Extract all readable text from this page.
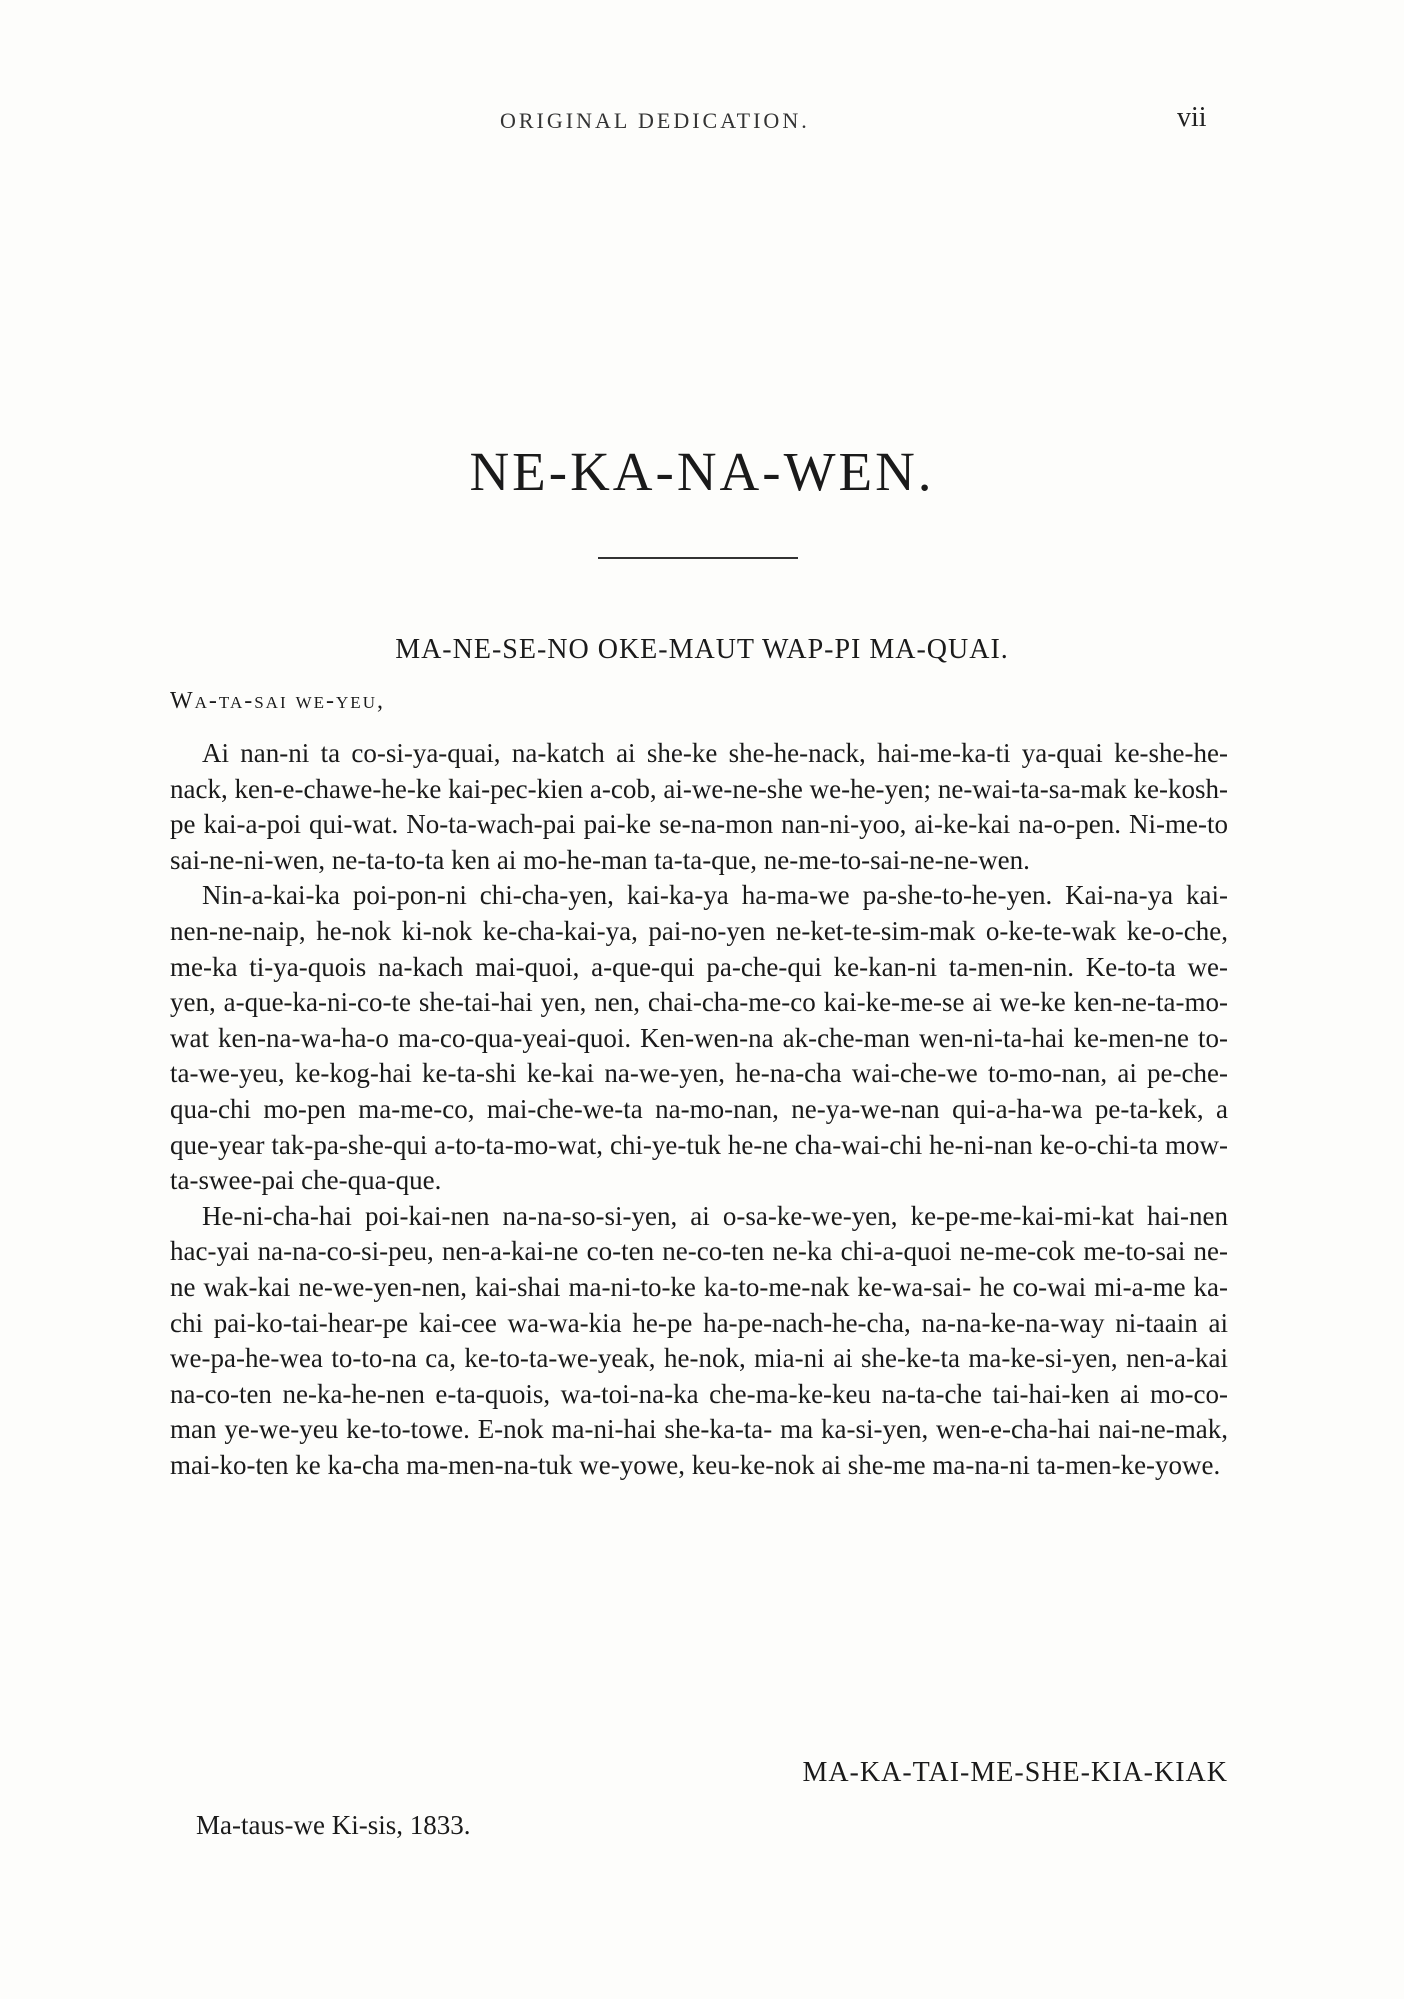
ORIGINAL DEDICATION.	vii
NE-KA-NA-WEN.
MA-NE-SE-NO OKE-MAUT WAP-PI MA-QUAI.
Wa-ta-sai we-yeu,

Ai nan-ni ta co-si-ya-quai, na-katch ai she-ke she-he-nack, hai-me-ka-ti ya-quai ke-she-he-nack, ken-e-chawe-he-ke kai-pec-kien a-cob, ai-we-ne-she we-he-yen; ne-wai-ta-sa-mak ke-kosh-pe kai-a-poi qui-wat. No-ta-wach-pai pai-ke se-na-mon nan-ni-yoo, ai-ke-kai na-o-pen. Ni-me-to sai-ne-ni-wen, ne-ta-to-ta ken ai mo-he-man ta-ta-que, ne-me-to-sai-ne-ne-wen.

Nin-a-kai-ka poi-pon-ni chi-cha-yen, kai-ka-ya ha-ma-we pa-she-to-he-yen. Kai-na-ya kai-nen-ne-naip, he-nok ki-nok ke-cha-kai-ya, pai-no-yen ne-ket-te-sim-mak o-ke-te-wak ke-o-che, me-ka ti-ya-quois na-kach mai-quoi, a-que-qui pa-che-qui ke-kan-ni ta-men-nin. Ke-to-ta we-yen, a-que-ka-ni-co-te she-tai-hai yen, nen, chai-cha-me-co kai-ke-me-se ai we-ke ken-ne-ta-mo-wat ken-na-wa-ha-o ma-co-qua-yeai-quoi. Ken-wen-na ak-che-man wen-ni-ta-hai ke-men-ne to-ta-we-yeu, ke-kog-hai ke-ta-shi ke-kai na-we-yen, he-na-cha wai-che-we to-mo-nan, ai pe-che-qua-chi mo-pen ma-me-co, mai-che-we-ta na-mo-nan, ne-ya-we-nan qui-a-ha-wa pe-ta-kek, a que-year tak-pa-she-qui a-to-ta-mo-wat, chi-ye-tuk he-ne cha-wai-chi he-ni-nan ke-o-chi-ta mow-ta-swee-pai che-qua-que.

He-ni-cha-hai poi-kai-nen na-na-so-si-yen, ai o-sa-ke-we-yen, ke-pe-me-kai-mi-kat hai-nen hac-yai na-na-co-si-peu, nen-a-kai-ne co-ten ne-co-ten ne-ka chi-a-quoi ne-me-cok me-to-sai ne-ne wak-kai ne-we-yen-nen, kai-shai ma-ni-to-ke ka-to-me-nak ke-wa-sai- he co-wai mi-a-me ka-chi pai-ko-tai-hear-pe kai-cee wa-wa-kia he-pe ha-pe-nach-he-cha, na-na-ke-na-way ni-taain ai we-pa-he-wea to-to-na ca, ke-to-ta-we-yeak, he-nok, mia-ni ai she-ke-ta ma-ke-si-yen, nen-a-kai na-co-ten ne-ka-he-nen e-ta-quois, wa-toi-na-ka che-ma-ke-keu na-ta-che tai-hai-ken ai mo-co-man ye-we-yeu ke-to-towe. E-nok ma-ni-hai she-ka-ta- ma ka-si-yen, wen-e-cha-hai nai-ne-mak, mai-ko-ten ke ka-cha ma-men-na-tuk we-yowe, keu-ke-nok ai she-me ma-na-ni ta-men-ke-yowe.

MA-KA-TAI-ME-SHE-KIA-KIAK
Ma-taus-we Ki-sis, 1833.
